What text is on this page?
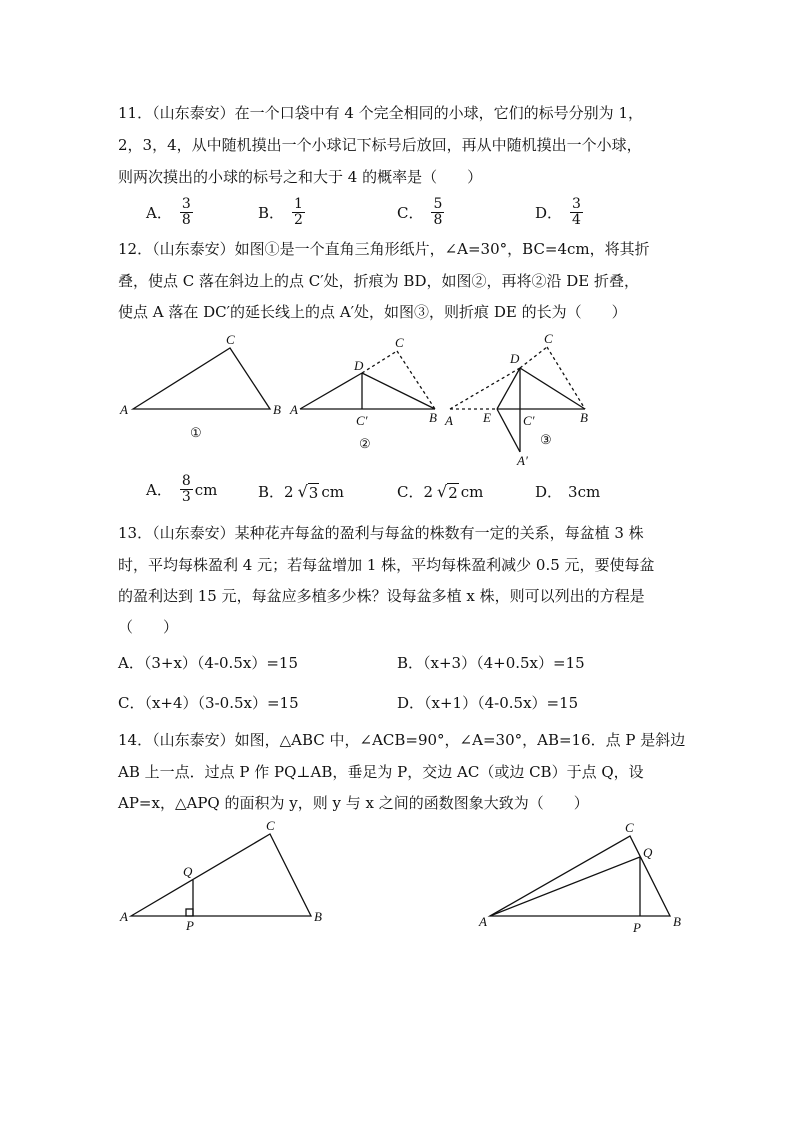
11．（山东泰安）在一个口袋中有 4 个完全相同的小球，它们的标号分别为 1，
2，3，4，从中随机摸出一个小球记下标号后放回，再从中随机摸出一个小球，
则两次摸出的小球的标号之和大于 4 的概率是（　　）
A． $\frac{3}{8}$	B． $\frac{1}{2}$	C． $\frac{5}{8}$	D． $\frac{3}{4}$
12．（山东泰安）如图①是一个直角三角形纸片，∠A=30°，BC=4cm，将其折
叠，使点 C 落在斜边上的点 C′处，折痕为 BD，如图②，再将②沿 DE 折叠，
使点 A 落在 DC′的延长线上的点 A′处，如图③，则折痕 DE 的长为（　　）
A	B
C
①
A
B
C
D
C′
②
A	B
C
D
E C′
A′
③
A	B
C
Q
P	A	B
C
Q
P
A． $\frac{8}{3}$ cm	B． 2 √ 3 cm	C． 2 √ 2 cm	D． 3cm
13．（山东泰安）某种花卉每盆的盈利与每盆的株数有一定的关系，每盆植 3 株
时，平均每株盈利 4 元；若每盆增加 1 株，平均每株盈利减少 0.5 元，要使每盆
的盈利达到 15 元，每盆应多植多少株？设每盆多植 x 株，则可以列出的方程是
（　　）
A．（3+x）（4-0.5x）=15	B．（x+3）（4+0.5x）=15
C．（x+4）（3-0.5x）=15	D．（x+1）（4-0.5x）=15
14．（山东泰安）如图，△ABC 中，∠ACB=90°，∠A=30°，AB=16．点 P 是斜边
AB 上一点．过点 P 作 PQ⊥AB，垂足为 P，交边 AC（或边 CB）于点 Q，设
AP=x，△APQ 的面积为 y，则 y 与 x 之间的函数图象大致为（　　）
